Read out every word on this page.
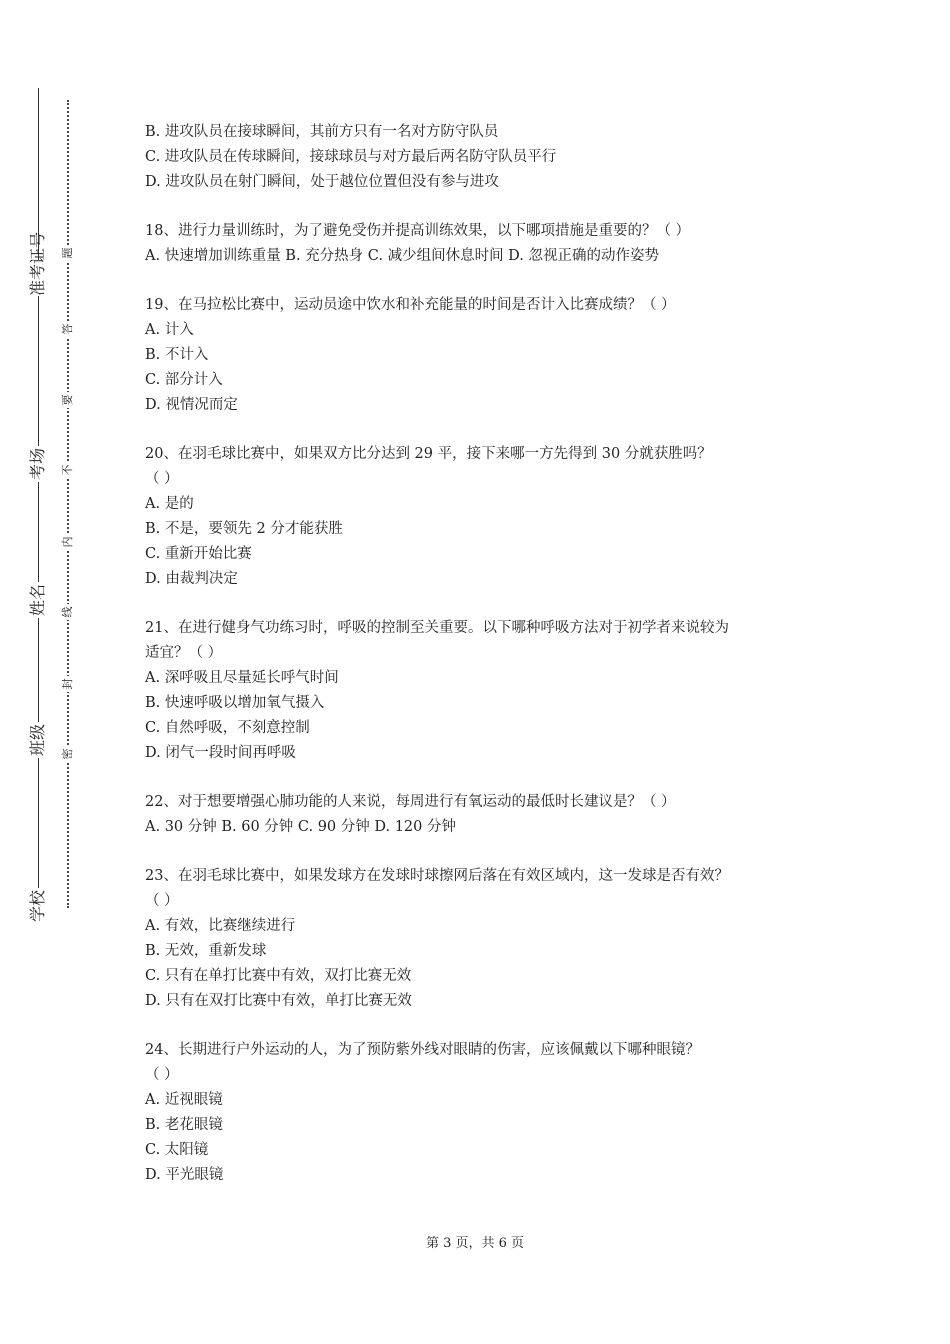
准考证号
考场
姓名
班级
学校
题
答
要
不
内
线
封
密
B. 进攻队员在接球瞬间，其前方只有一名对方防守队员
C. 进攻队员在传球瞬间，接球球员与对方最后两名防守队员平行
D. 进攻队员在射门瞬间，处于越位位置但没有参与进攻
18、进行力量训练时，为了避免受伤并提高训练效果，以下哪项措施是重要的？（ ）
A. 快速增加训练重量 B. 充分热身 C. 减少组间休息时间 D. 忽视正确的动作姿势
19、在马拉松比赛中，运动员途中饮水和补充能量的时间是否计入比赛成绩？（ ）
A. 计入
B. 不计入
C. 部分计入
D. 视情况而定
20、在羽毛球比赛中，如果双方比分达到 29 平，接下来哪一方先得到 30 分就获胜吗？
（ ）
A. 是的
B. 不是，要领先 2 分才能获胜
C. 重新开始比赛
D. 由裁判决定
21、在进行健身气功练习时，呼吸的控制至关重要。以下哪种呼吸方法对于初学者来说较为
适宜？（ ）
A. 深呼吸且尽量延长呼气时间
B. 快速呼吸以增加氧气摄入
C. 自然呼吸，不刻意控制
D. 闭气一段时间再呼吸
22、对于想要增强心肺功能的人来说，每周进行有氧运动的最低时长建议是？（ ）
A. 30 分钟 B. 60 分钟 C. 90 分钟 D. 120 分钟
23、在羽毛球比赛中，如果发球方在发球时球擦网后落在有效区域内，这一发球是否有效？
（ ）
A. 有效，比赛继续进行
B. 无效，重新发球
C. 只有在单打比赛中有效，双打比赛无效
D. 只有在双打比赛中有效，单打比赛无效
24、长期进行户外运动的人，为了预防紫外线对眼睛的伤害，应该佩戴以下哪种眼镜？
（ ）
A. 近视眼镜
B. 老花眼镜
C. 太阳镜
D. 平光眼镜
第 3 页，共 6 页
